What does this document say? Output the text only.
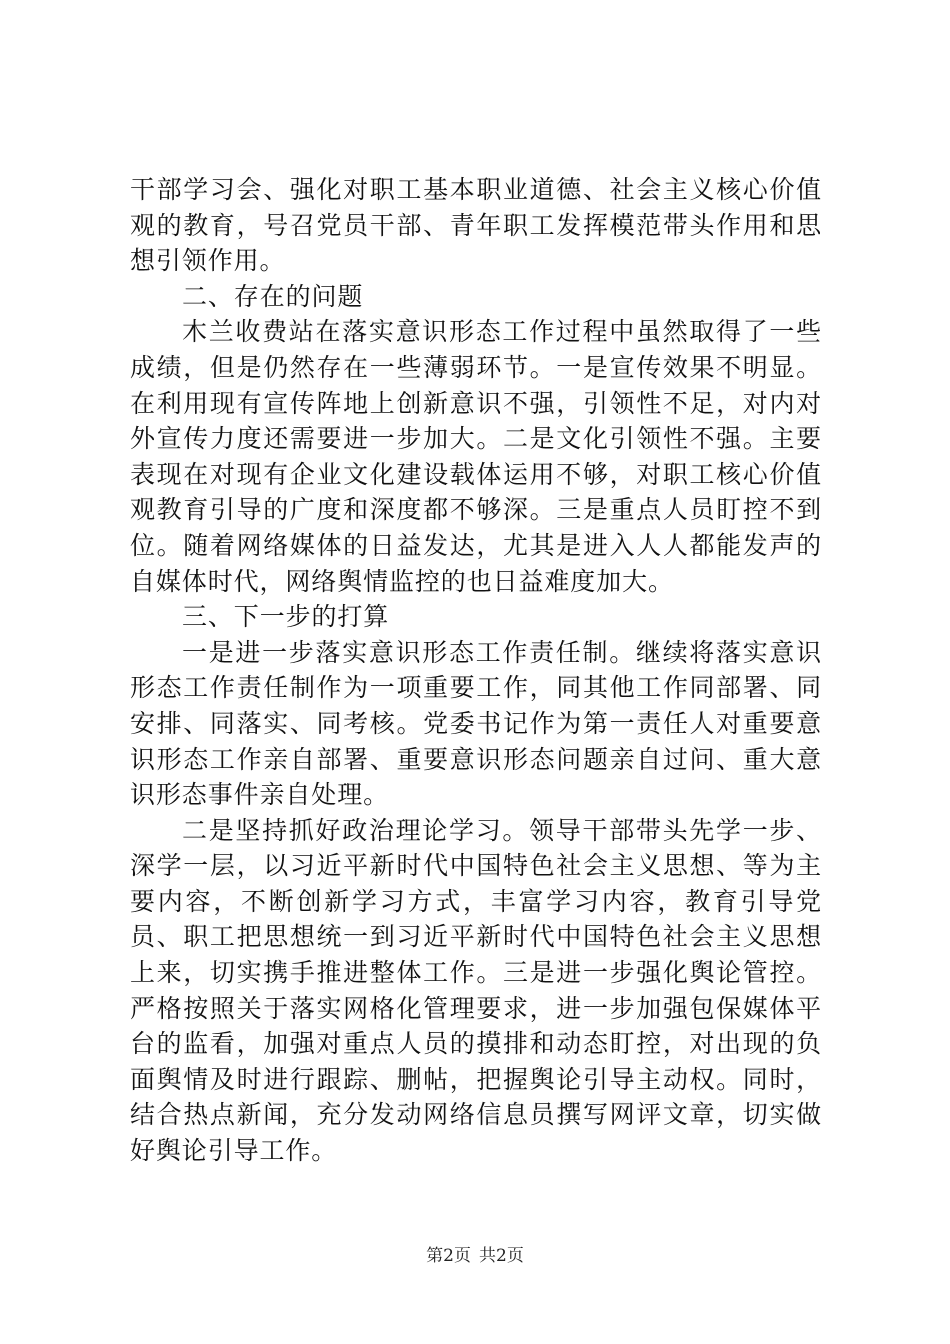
干部学习会、强化对职工基本职业道德、社会主义核心价值观的教育，号召党员干部、青年职工发挥模范带头作用和思想引领作用。

二、存在的问题

木兰收费站在落实意识形态工作过程中虽然取得了一些成绩，但是仍然存在一些薄弱环节。一是宣传效果不明显。在利用现有宣传阵地上创新意识不强，引领性不足，对内对外宣传力度还需要进一步加大。二是文化引领性不强。主要表现在对现有企业文化建设载体运用不够，对职工核心价值观教育引导的广度和深度都不够深。三是重点人员盯控不到位。随着网络媒体的日益发达，尤其是进入人人都能发声的自媒体时代，网络舆情监控的也日益难度加大。

三、下一步的打算

一是进一步落实意识形态工作责任制。继续将落实意识形态工作责任制作为一项重要工作，同其他工作同部署、同安排、同落实、同考核。党委书记作为第一责任人对重要意识形态工作亲自部署、重要意识形态问题亲自过问、重大意识形态事件亲自处理。

二是坚持抓好政治理论学习。领导干部带头先学一步、深学一层，以习近平新时代中国特色社会主义思想、等为主要内容，不断创新学习方式，丰富学习内容，教育引导党员、职工把思想统一到习近平新时代中国特色社会主义思想上来，切实携手推进整体工作。三是进一步强化舆论管控。严格按照关于落实网格化管理要求，进一步加强包保媒体平台的监看，加强对重点人员的摸排和动态盯控，对出现的负面舆情及时进行跟踪、删帖，把握舆论引导主动权。同时，结合热点新闻，充分发动网络信息员撰写网评文章，切实做好舆论引导工作。

第2页 共2页
